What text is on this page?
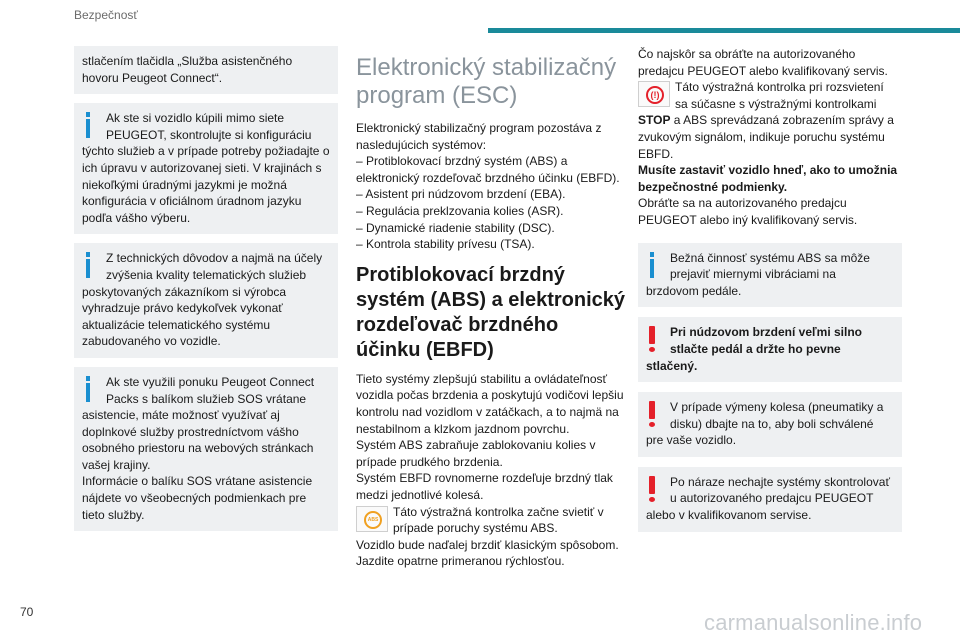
Bezpečnosť

stlačením tlačidla „Služba asistenčného hovoru Peugeot Connect“.

Ak ste si vozidlo kúpili mimo siete PEUGEOT, skontrolujte si konfiguráciu

týchto služieb a v prípade potreby požiadajte o ich úpravu v autorizovanej sieti. V krajinách s niekoľkými úradnými jazykmi je možná konfigurácia v oficiálnom úradnom jazyku podľa vášho výberu.

Z technických dôvodov a najmä na účely zvýšenia kvality telematických služieb

poskytovaných zákazníkom si výrobca vyhradzuje právo kedykoľvek vykonať aktualizácie telematického systému zabudovaného vo vozidle.

Ak ste využili ponuku Peugeot Connect Packs s balíkom služieb SOS vrátane

asistencie, máte možnosť využívať aj doplnkové služby prostredníctvom vášho osobného priestoru na webových stránkach vašej krajiny.

Informácie o balíku SOS vrátane asistencie nájdete vo všeobecných podmienkach pre tieto služby.

Elektronický stabilizačný program (ESC)

Elektronický stabilizačný program pozostáva z nasledujúcich systémov:

– Protiblokovací brzdný systém (ABS) a elektronický rozdeľovač brzdného účinku (EBFD).

– Asistent pri núdzovom brzdení (EBA).

– Regulácia preklzovania kolies (ASR).

– Dynamické riadenie stability (DSC).

– Kontrola stability prívesu (TSA).

Protiblokovací brzdný systém (ABS) a elektronický rozdeľovač brzdného účinku (EBFD)

Tieto systémy zlepšujú stabilitu a ovládateľnosť vozidla počas brzdenia a poskytujú vodičovi lepšiu kontrolu nad vozidlom v zatáčkach, a to najmä na nestabilnom a klzkom jazdnom povrchu.

Systém ABS zabraňuje zablokovaniu kolies v prípade prudkého brzdenia.

Systém EBFD rovnomerne rozdeľuje brzdný tlak medzi jednotlivé kolesá.

ABS

Táto výstražná kontrolka začne svietiť v

prípade poruchy systému ABS.

Vozidlo bude naďalej brzdiť klasickým spôsobom. Jazdite opatrne primeranou rýchlosťou.

Čo najskôr sa obráťte na autorizovaného predajcu PEUGEOT alebo kvalifikovaný servis.

(!)

Táto výstražná kontrolka pri rozsvietení

sa súčasne s výstražnými kontrolkami

STOP a ABS sprevádzaná zobrazením správy a zvukovým signálom, indikuje poruchu systému EBFD.

Musíte zastaviť vozidlo hneď, ako to umožnia bezpečnostné podmienky.

Obráťte sa na autorizovaného predajcu PEUGEOT alebo iný kvalifikovaný servis.

Bežná činnosť systému ABS sa môže prejaviť miernymi vibráciami na

brzdovom pedále.

Pri núdzovom brzdení veľmi silno stlačte pedál a držte ho pevne

stlačený.

V prípade výmeny kolesa (pneumatiky a disku) dbajte na to, aby boli schválené

pre vaše vozidlo.

Po náraze nechajte systémy skontrolovať u autorizovaného predajcu PEUGEOT

alebo v kvalifikovanom servise.

70	carmanualsonline.info
